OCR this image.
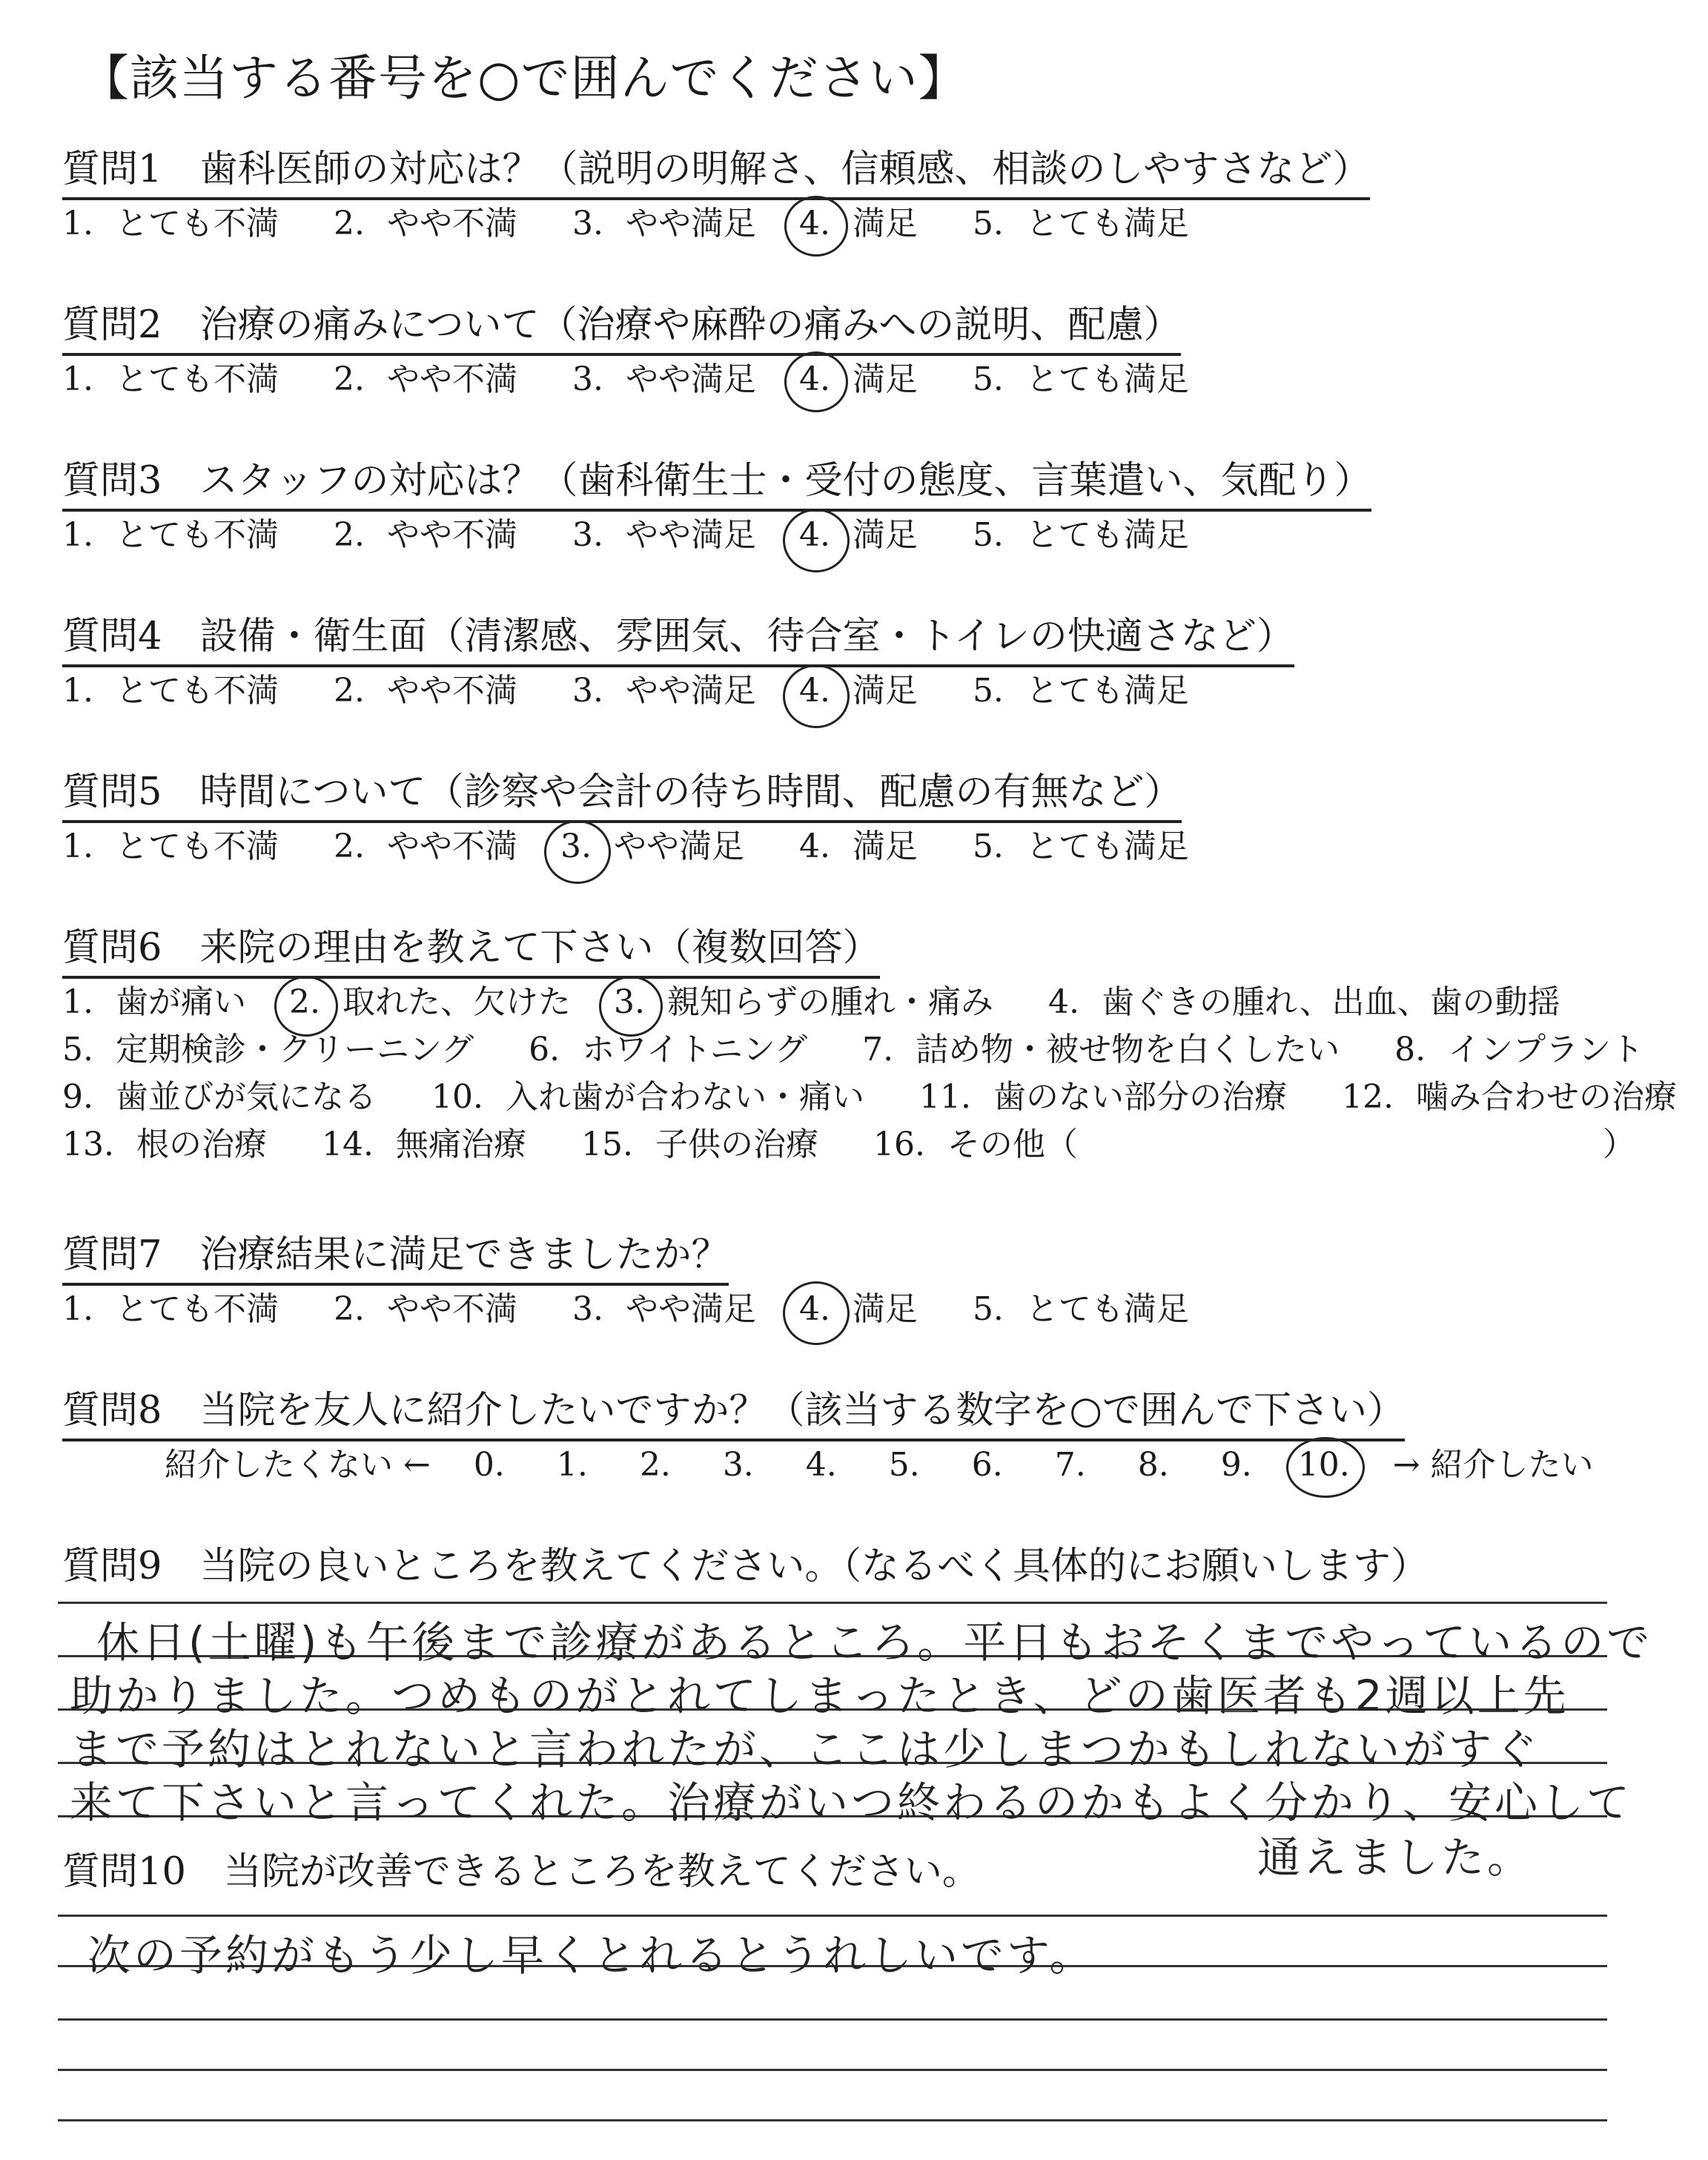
【該当する番号を○で囲んでください】
質問1　 歯科医師の対応は？（説明の明解さ、信頼感、相談のしやすさなど）
1. とても不満 2. やや不満 3. やや満足 4. 満足 5. とても満足
質問2　 治療の痛みについて（治療や麻酔の痛みへの説明、配慮）
1. とても不満 2. やや不満 3. やや満足 4. 満足 5. とても満足
質問3　 スタッフの対応は？（歯科衛生士・受付の態度、言葉遣い、気配り）
1. とても不満 2. やや不満 3. やや満足 4. 満足 5. とても満足
質問4　 設備・衛生面（清潔感、雰囲気、待合室・トイレの快適さなど）
1. とても不満 2. やや不満 3. やや満足 4. 満足 5. とても満足
質問5　 時間について（診察や会計の待ち時間、配慮の有無など）
1. とても不満 2. やや不満 3. やや満足 4. 満足 5. とても満足
質問6　 来院の理由を教えて下さい（複数回答）
1. 歯が痛い 2. 取れた、欠けた 3. 親知らずの腫れ・痛み 4. 歯ぐきの腫れ、出血、歯の動揺
5. 定期検診・クリーニング 6. ホワイトニング 7. 詰め物・被せ物を白くしたい 8. インプラント
9. 歯並びが気になる 10. 入れ歯が合わない・痛い 11. 歯のない部分の治療 12. 噛み合わせの治療
13. 根の治療 14. 無痛治療 15. 子供の治療 16. その他（	）
質問7　 治療結果に満足できましたか？
1. とても不満 2. やや不満 3. やや満足 4. 満足 5. とても満足
質問8　 当院を友人に紹介したいですか？（該当する数字を○で囲んで下さい）
紹介したくない ← 0. 1. 2. 3. 4. 5. 6. 7. 8. 9. 10. → 紹介したい
質問9　 当院の良いところを教えてください。（なるべく具体的にお願いします）
休日(土曜)も午後まで診療があるところ。平日もおそくまでやっているので
助かりました。つめものがとれてしまったとき、どの歯医者も2週以上先
まで予約はとれないと言われたが、ここは少しまつかもしれないがすぐ
来て下さいと言ってくれた。治療がいつ終わるのかもよく分かり、安心して
通えました。
質問10　 当院が改善できるところを教えてください。
次の予約がもう少し早くとれるとうれしいです。
